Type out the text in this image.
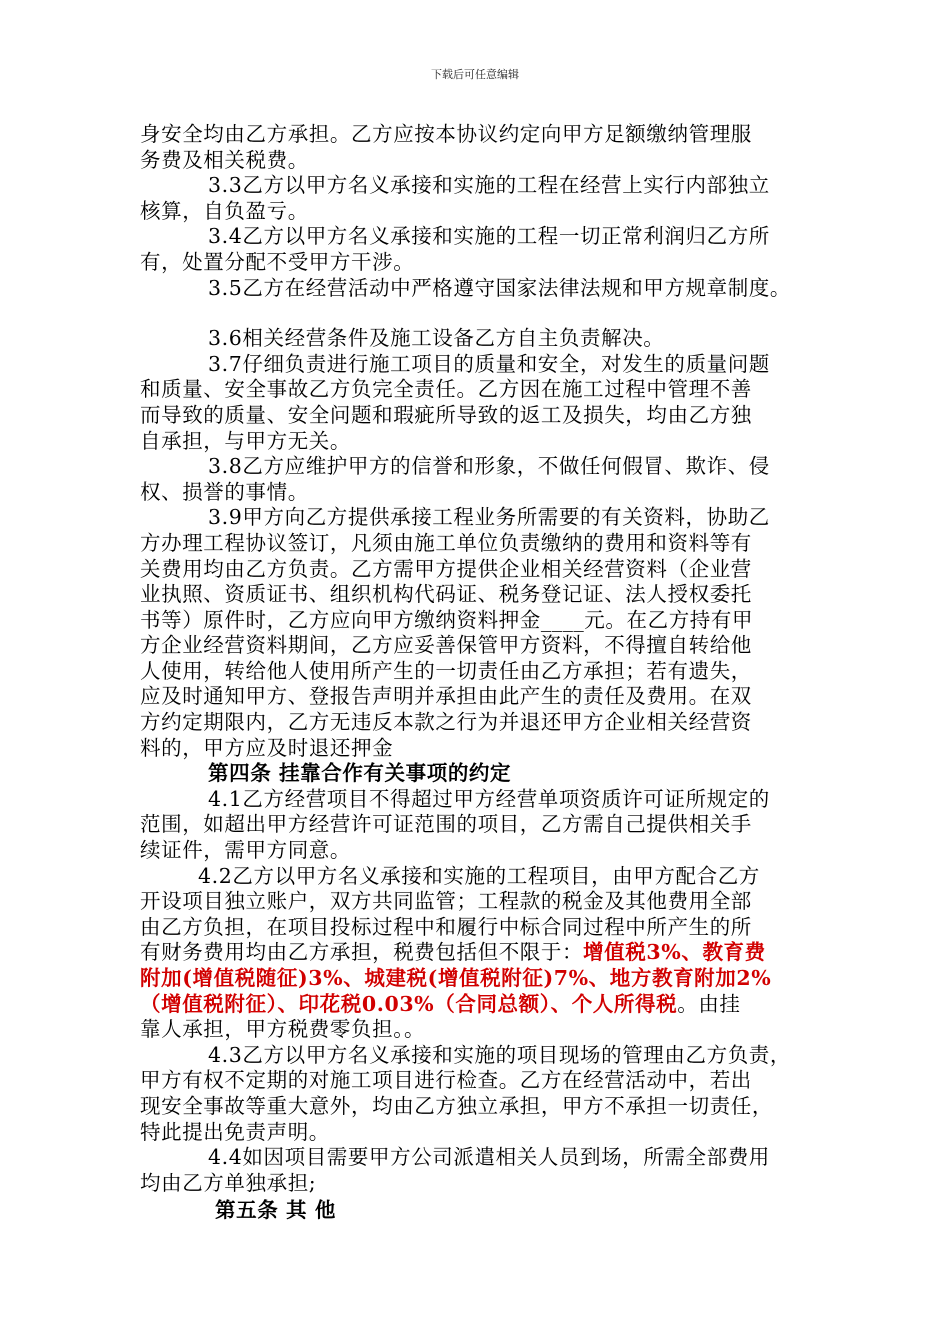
下载后可任意编辑
身安全均由乙方承担。乙方应按本协议约定向甲方足额缴纳管理服
务费及相关税费。
3.3乙方以甲方名义承接和实施的工程在经营上实行内部独立
核算，自负盈亏。
3.4乙方以甲方名义承接和实施的工程一切正常利润归乙方所
有，处置分配不受甲方干涉。
3.5乙方在经营活动中严格遵守国家法律法规和甲方规章制度。
3.6相关经营条件及施工设备乙方自主负责解决。
3.7仔细负责进行施工项目的质量和安全，对发生的质量问题
和质量、安全事故乙方负完全责任。乙方因在施工过程中管理不善
而导致的质量、安全问题和瑕疵所导致的返工及损失，均由乙方独
自承担，与甲方无关。
3.8乙方应维护甲方的信誉和形象，不做任何假冒、欺诈、侵
权、损誉的事情。
3.9甲方向乙方提供承接工程业务所需要的有关资料，协助乙
方办理工程协议签订，凡须由施工单位负责缴纳的费用和资料等有
关费用均由乙方负责。乙方需甲方提供企业相关经营资料（企业营
业执照、资质证书、组织机构代码证、税务登记证、法人授权委托
书等）原件时，乙方应向甲方缴纳资料押金____元。在乙方持有甲
方企业经营资料期间，乙方应妥善保管甲方资料，不得擅自转给他
人使用，转给他人使用所产生的一切责任由乙方承担；若有遗失，
应及时通知甲方、登报告声明并承担由此产生的责任及费用。在双
方约定期限内，乙方无违反本款之行为并退还甲方企业相关经营资
料的，甲方应及时退还押金
第四条 挂靠合作有关事项的约定
4.1乙方经营项目不得超过甲方经营单项资质许可证所规定的
范围，如超出甲方经营许可证范围的项目，乙方需自己提供相关手
续证件，需甲方同意。
4.2乙方以甲方名义承接和实施的工程项目，由甲方配合乙方
开设项目独立账户，双方共同监管；工程款的税金及其他费用全部
由乙方负担，在项目投标过程中和履行中标合同过程中所产生的所
有财务费用均由乙方承担，税费包括但不限于：增值税3%、教育费
附加(增值税随征)3%、城建税(增值税附征)7%、地方教育附加2%
（增值税附征）、印花税0.03%（合同总额）、个人所得税。由挂
靠人承担，甲方税费零负担。。
4.3乙方以甲方名义承接和实施的项目现场的管理由乙方负责，
甲方有权不定期的对施工项目进行检查。乙方在经营活动中，若出
现安全事故等重大意外，均由乙方独立承担，甲方不承担一切责任，
特此提出免责声明。
4.4如因项目需要甲方公司派遣相关人员到场，所需全部费用
均由乙方单独承担;
第五条 其 他
